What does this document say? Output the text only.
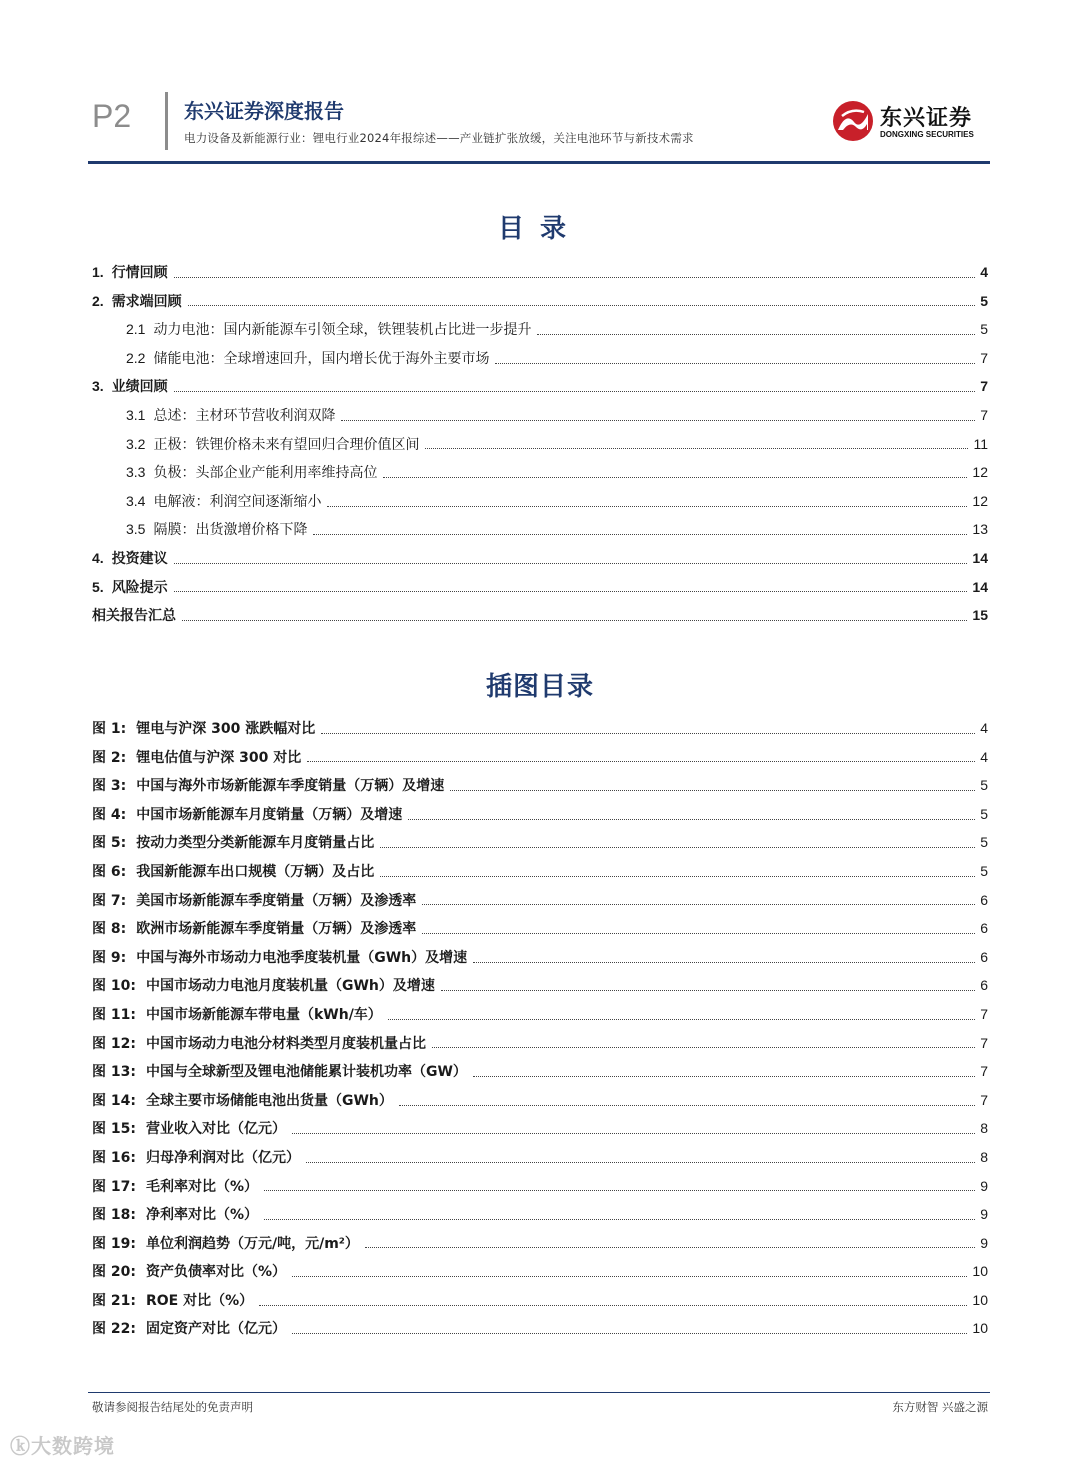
P2	东兴证券深度报告
电力设备及新能源行业：锂电行业2024年报综述——产业链扩张放缓，关注电池环节与新技术需求
东兴证券
DONGXING SECURITIES
目录
1. 行情回顾	4
2. 需求端回顾	5
2.1 动力电池：国内新能源车引领全球，铁锂装机占比进一步提升	5
2.2 储能电池：全球增速回升，国内增长优于海外主要市场	7
3. 业绩回顾	7
3.1 总述：主材环节营收利润双降	7
3.2 正极：铁锂价格未来有望回归合理价值区间	11
3.3 负极：头部企业产能利用率维持高位	12
3.4 电解液：利润空间逐渐缩小	12
3.5 隔膜：出货激增价格下降	13
4. 投资建议	14
5. 风险提示	14
相关报告汇总	15
插图目录
图 1: 锂电与沪深 300 涨跌幅对比	4
图 2: 锂电估值与沪深 300 对比	4
图 3: 中国与海外市场新能源车季度销量（万辆）及增速	5
图 4: 中国市场新能源车月度销量（万辆）及增速	5
图 5: 按动力类型分类新能源车月度销量占比	5
图 6: 我国新能源车出口规模（万辆）及占比	5
图 7: 美国市场新能源车季度销量（万辆）及渗透率	6
图 8: 欧洲市场新能源车季度销量（万辆）及渗透率	6
图 9: 中国与海外市场动力电池季度装机量（GWh）及增速	6
图 10: 中国市场动力电池月度装机量（GWh）及增速	6
图 11: 中国市场新能源车带电量（kWh/车）	7
图 12: 中国市场动力电池分材料类型月度装机量占比	7
图 13: 中国与全球新型及锂电池储能累计装机功率（GW）	7
图 14: 全球主要市场储能电池出货量（GWh）	7
图 15: 营业收入对比（亿元）	8
图 16: 归母净利润对比（亿元）	8
图 17: 毛利率对比（%）	9
图 18: 净利率对比（%）	9
图 19: 单位利润趋势（万元/吨，元/m²）	9
图 20: 资产负债率对比（%）	10
图 21: ROE 对比（%）	10
图 22: 固定资产对比（亿元）	10
敬请参阅报告结尾处的免责声明	东方财智 兴盛之源
ⓚ大数跨境
